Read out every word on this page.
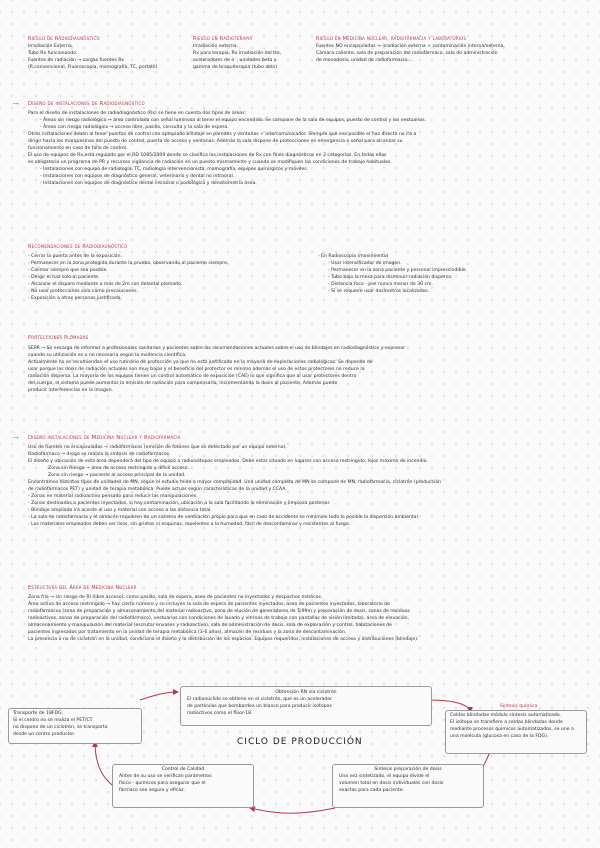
Riesgo de Radiodiagnóstico
Irradiación Externa.
Tubo Rx funcionando.
Fuentes de radiación → cargas fuentes Rx
(R.convencional, Fluoroscopia, mamografía, TC, portátil)
Riesgo en Radioterapia
Irradiación externa.
Rx para terapia, Rx irradiación del tto,
aceleradores de e⁻, unidades beta y
gamma de braquiterapia (tubo abts)
Riesgo en Medicina nuclear, radiofarmacia y laboratorios
Fuentes NO encapsuladas → irradiación externa + contaminación interna/externa.
Cámara caliente, sala de preparación del radiofármaco, sala de administración
de monodosis, unidad de radiofarmacia ...
⟶ Diseño de instalaciones de Radiodiagnóstico
Para el diseño de instalaciones de radiodiagnóstico (Rx) se tiene en cuenta dos tipos de áreas:
- Áreas sin riesgo radiológico → área controlada con señal luminosa al tener el equipo encendido. Se compone de la sala de equipos, puesto de control y los vestuarios.
- Áreas con riesgo radiológico → acceso libre, pasillo, consulta y la sala de espera.
Otras instalaciones deben al tener puertas de control con apropiado blindaje en paredes y ventanas + intercomunicador. Siempre que sea posible el haz directo no irá a
dirigir hacia los marquesinas del puesto de control, puerta de acceso y ventanas. Además la sala dispone de protecciones en emergencia o señal para alcanzar su
funcionamiento en caso de fallo de control.
El uso de equipos de Rx está regulado por el RD 1085/2009 donde se clasifica las instalaciones de Rx con fines diagnósticos en 3 categorías. En todas ellas
es obligatorio un programa de PR y recursos vigilancia de radiación en un puesto mismamente y cuando se modifiquen las condiciones de trabajo habituales.
- Instalaciones con equipo de radiología, TC, radiología intervencionista, mamografía, equipos quirúrgicos y móviles.
- Instalaciones con equipos de diagnóstico general, veterinario y dental no intraoral.
- Instalaciones con equipos de diagnóstico dental intraoral o podológico y densitometría ósea.
Recomendaciones de Radiodiagnóstico
- Cerrar la puerta antes de la exposición.
- Permanecer en la zona protegida durante la prueba, observando al paciente siempre.
- Colimar siempre que sea posible.
- Dirigir el haz solo al paciente.
- Alcanzar el disparo mediante a más de 2m con delantal plomado.
- No usar protecciones solo como precauciones.
- Exposición a otras personas justificada.
- En Radioscopia (movimiento)
- Usar intensificador de imagen.
- Permanecer en la zona paciente y personal imprescindible.
- Tubo bajo la mesa para disminuir radiación dispersa.
- Distancia foco - piel nunca menor de 30 cm.
- Si se requiere usar dosímetros localizados.
Protecciones Plomadas
SEPR → Se encarga de informar a profesionales sanitarios y pacientes sobre las recomendaciones actuales sobre el uso de blindajes en radiodiagnóstico y expresar
cuando su utilización es o no necesaria según la evidencia científica.
Actualmente no se recomiendan el uso rutinario de protección ya que no está justificado en la mayoría de exploraciones radiológicas. Se depende de
usar porque las dosis de radiación actuales son muy bajas y el beneficio del protector es mínimo además el uso de estos protectores no reduce la
radiación dispersa. La mayoría de los equipos tienen un control automático de exposición (CAE) lo que significa que al usar protectores dentro
del cuerpo, el sistema puede aumentar la emisión de radiación para compensarlo, incrementando la dosis al paciente. Además puede
producir interferencias en la imagen.
⟶ Diseño instalaciones de Medicina Nuclear y Radiofarmacia
Uso de fuentes no encapsuladas → radiofármacos (emisión de fotones que se detectado por un equipo externo).
Radiofármaco → droga se realiza la síntesis de radiofármacos.
El diseño y ubicación de esta área dependerá del tipo de equipo a radioisótopos empleados. Debe estar situado en lugares con acceso restringido, lejos máximo de incendio.
Zona sin Riesgo → área de acceso restringido y difícil acceso.
Zona sin riesgo → paciente al acceso principal de la unidad.
Encontramos distintos tipos de unidades de MN, según el estudio mide a mayor complejidad. Una unidad completa de MN se compone de MN, radiofarmacia, ciclotrón (producción
de radiofármacos PET) y unidad de terapia metabólica. Puede actuar según características de la unidad y CCAA.
- Zonas en material radioactivo pensado para reducir las manipulaciones.
- Zonas destinadas a pacientes inyectados, si hay contaminación, ubicación a la sala facilitando la eliminación y limpieza posterior.
- Blindaje ampliado irá acorde al uso y material con acceso a las distancia total.
- La sala de radiofarmacia y el almacén requieren de un sistema de ventilación propio para que en caso de accidente se minimice todo lo posible la dispersión ambiental.
- Los materiales empleados deben ser lisos, sin grietas ni esquinas, repelentes a la humedad, fácil de descontaminar y resistentes al fuego.
Estructura del Área de Medicina Nuclear
Zona fría → sin riesgo de RI (libre acceso), como pasillo, sala de espera, aseo de pacientes no inyectados y despachos médicos.
Área activa de acceso restringido → hay cierto número y se incluyen la sala de espera de pacientes inyectados, aseo de pacientes inyectados, laboratorio de
radiofármacos (zona de preparación y almacenamiento del material radioactivo, zona de elución de generadores de Tc99m y preparación de dosis, zonas de residuos
radioactivos, zonas de preparación del radiofármaco), vestuarios con condiciones de lavado y vitrinas de trabajo con pantallas de visión limitada), área de elevación,
almacenamiento y manipulación del material (escrutar envases y radioactivo), sala de administración de dosis, sala de exploración y control, habitaciones de
pacientes ingresados por tratamiento en la unidad de terapia metabólica (3-6 años), almacén de residuos y la zona de descontaminación.
La presencia o no de ciclotrón en la unidad, condiciona el diseño y la distribución de los espacios. Equipos requeridos, instalaciones de acceso y distribuciones (blindaje).
Obtención RN vía ciclotrón
El radionúclido se obtiene en el ciclotrón, que es un acelerador
de partículas que bombardea un blanco para producir isótopos
radiactivos como el flúor-18.	Celdas blindadas módulo síntesis automatizado.
El isótopo se transfiere a celdas blindadas donde
mediante procesos químicos automatizados, se une a
una molécula (glucosa en caso de la FDG).
Síntesis química
Transporte de 18FDG.
Si el centro no se realiza el PET/CT
no dispone de un ciclotrón, se transporta
desde un centro productor.
CICLO DE PRODUCCIÓN
Control de Calidad
Antes de su uso se verifican parámetros
físico - químicos para asegurar que el
fármaco sea seguro y eficaz.
Síntesis preparación de dosis
Una vez sintetizado, el equipo divide el
volumen total en dosis individuales con dosis
exactas para cada paciente.
